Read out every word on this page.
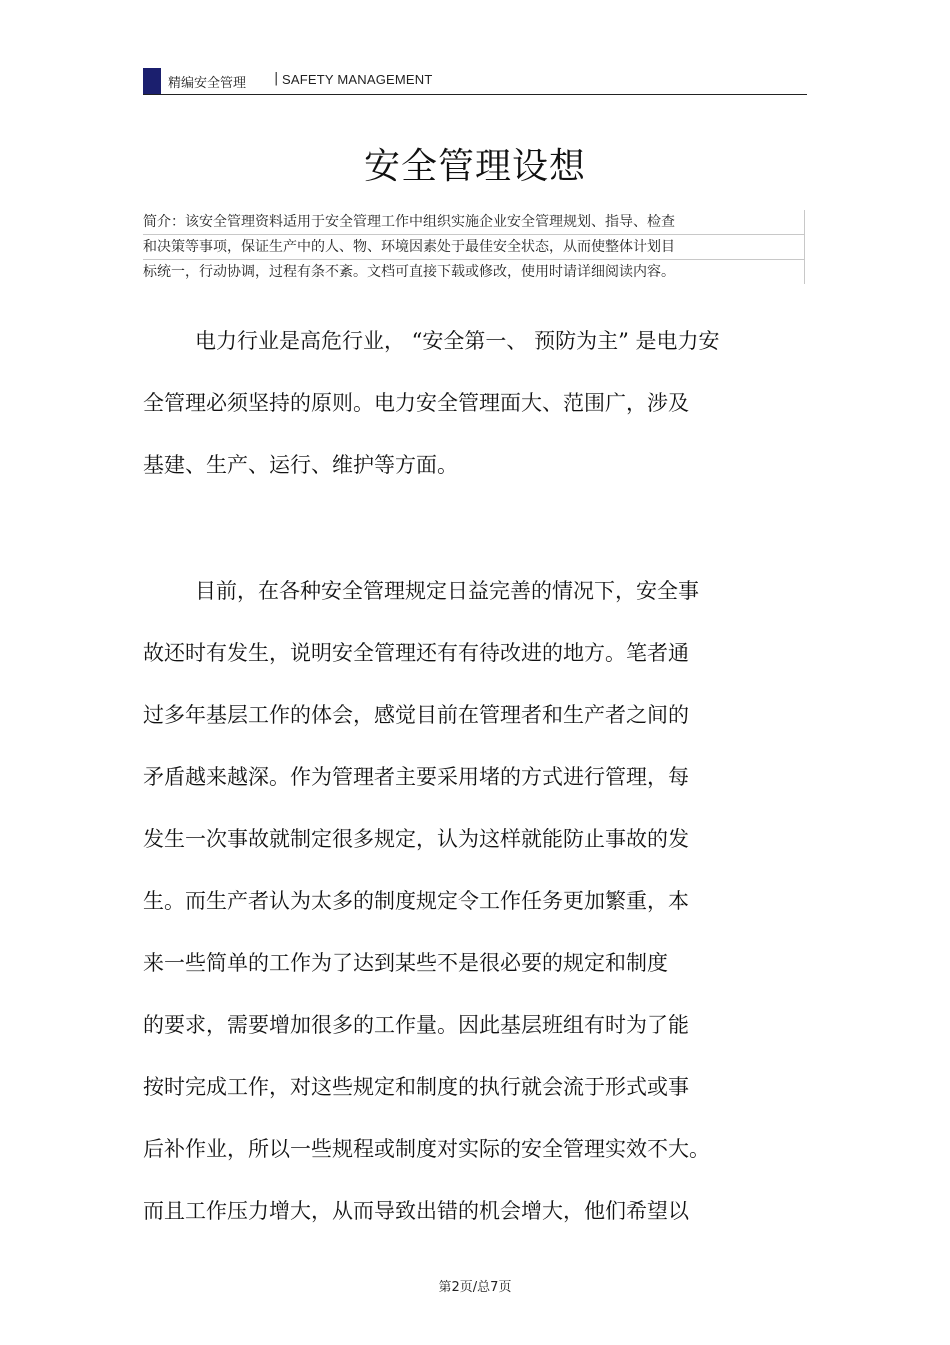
精编安全管理 | SAFETY MANAGEMENT
安全管理设想
简介：该安全管理资料适用于安全管理工作中组织实施企业安全管理规划、指导、检查
和决策等事项，保证生产中的人、物、环境因素处于最佳安全状态，从而使整体计划目
标统一，行动协调，过程有条不紊。文档可直接下载或修改，使用时请详细阅读内容。
电力行业是高危行业， “安全第一、 预防为主” 是电力安
全管理必须坚持的原则。电力安全管理面大、范围广，涉及
基建、生产、运行、维护等方面。
目前，在各种安全管理规定日益完善的情况下，安全事
故还时有发生，说明安全管理还有有待改进的地方。笔者通
过多年基层工作的体会，感觉目前在管理者和生产者之间的
矛盾越来越深。作为管理者主要采用堵的方式进行管理，每
发生一次事故就制定很多规定，认为这样就能防止事故的发
生。而生产者认为太多的制度规定令工作任务更加繁重，本
来一些简单的工作为了达到某些不是很必要的规定和制度
的要求，需要增加很多的工作量。因此基层班组有时为了能
按时完成工作，对这些规定和制度的执行就会流于形式或事
后补作业，所以一些规程或制度对实际的安全管理实效不大。
而且工作压力增大，从而导致出错的机会增大，他们希望以
第2页/总7页
